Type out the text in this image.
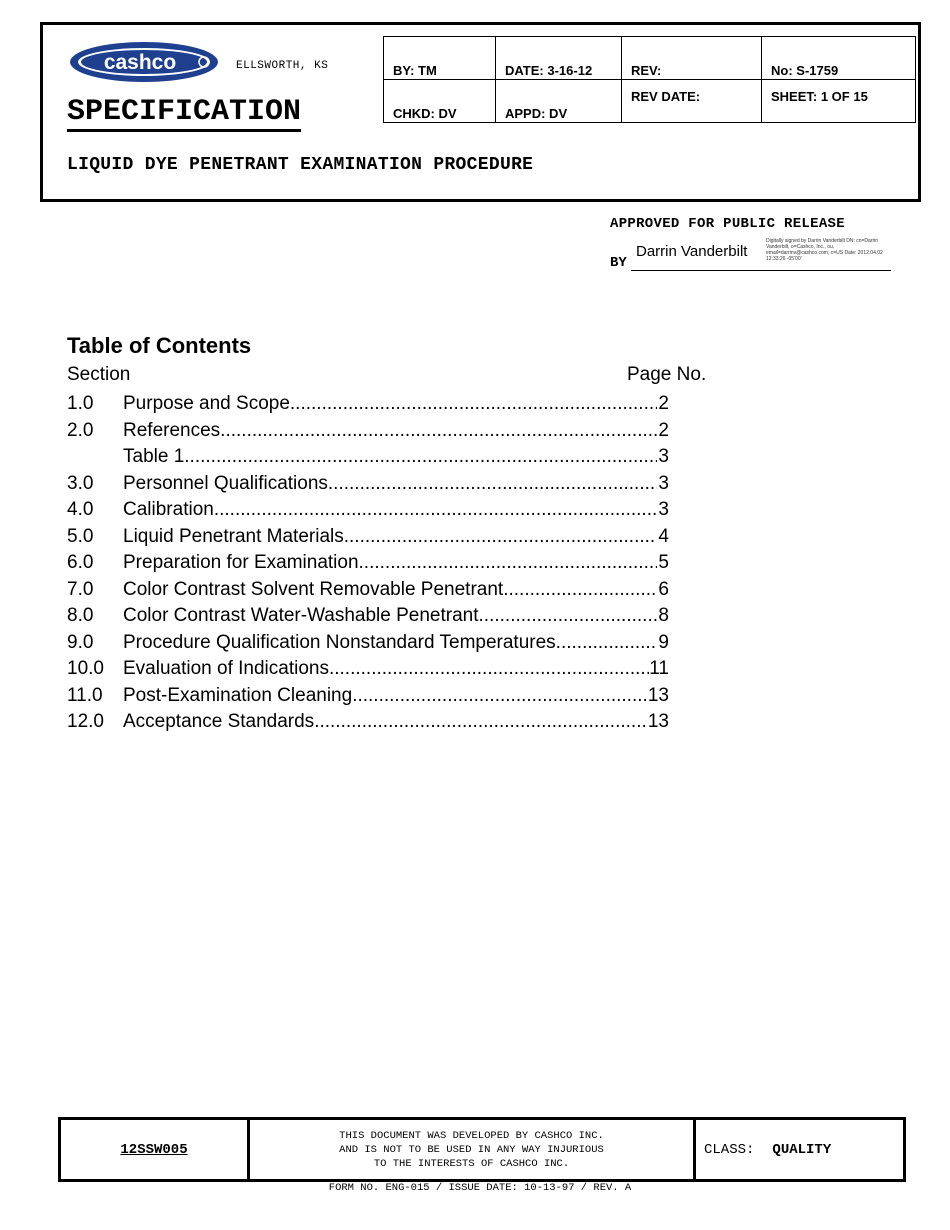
cashco	ELLSWORTH, KS
SPECIFICATION
LIQUID DYE PENETRANT EXAMINATION PROCEDURE
BY: TM	DATE: 3-16-12	REV:	No: S-1759
CHKD: DV	APPD: DV	REV DATE:	SHEET: 1 OF 15
APPROVED FOR PUBLIC RELEASE
BY
Darrin Vanderbilt
Digitally signed by Darrin Vanderbilt DN: cn=Darrin Vanderbilt, o=Cashco, Inc., ou, email=darrinv@cashco.com, c=US Date: 2012.04.02 12:33:26 -05'00'
Table of Contents
Section	Page No.
1.0 Purpose and Scope .....	2
2.0 References .....	2
Table 1 .....	3
3.0 Personnel Qualifications .....	3
4.0 Calibration .....	3
5.0 Liquid Penetrant Materials .....	4
6.0 Preparation for Examination .....	5
7.0 Color Contrast Solvent Removable Penetrant .....	6
8.0 Color Contrast Water-Washable Penetrant .....	8
9.0 Procedure Qualification Nonstandard Temperatures .....	9
10.0 Evaluation of Indications .....	11
11.0 Post-Examination Cleaning .....	13
12.0 Acceptance Standards .....	13
12SSW005
THIS DOCUMENT WAS DEVELOPED BY CASHCO INC.
AND IS NOT TO BE USED IN ANY WAY INJURIOUS
TO THE INTERESTS OF CASHCO INC.
CLASS: QUALITY
FORM NO. ENG-015 / ISSUE DATE: 10-13-97 / REV. A
